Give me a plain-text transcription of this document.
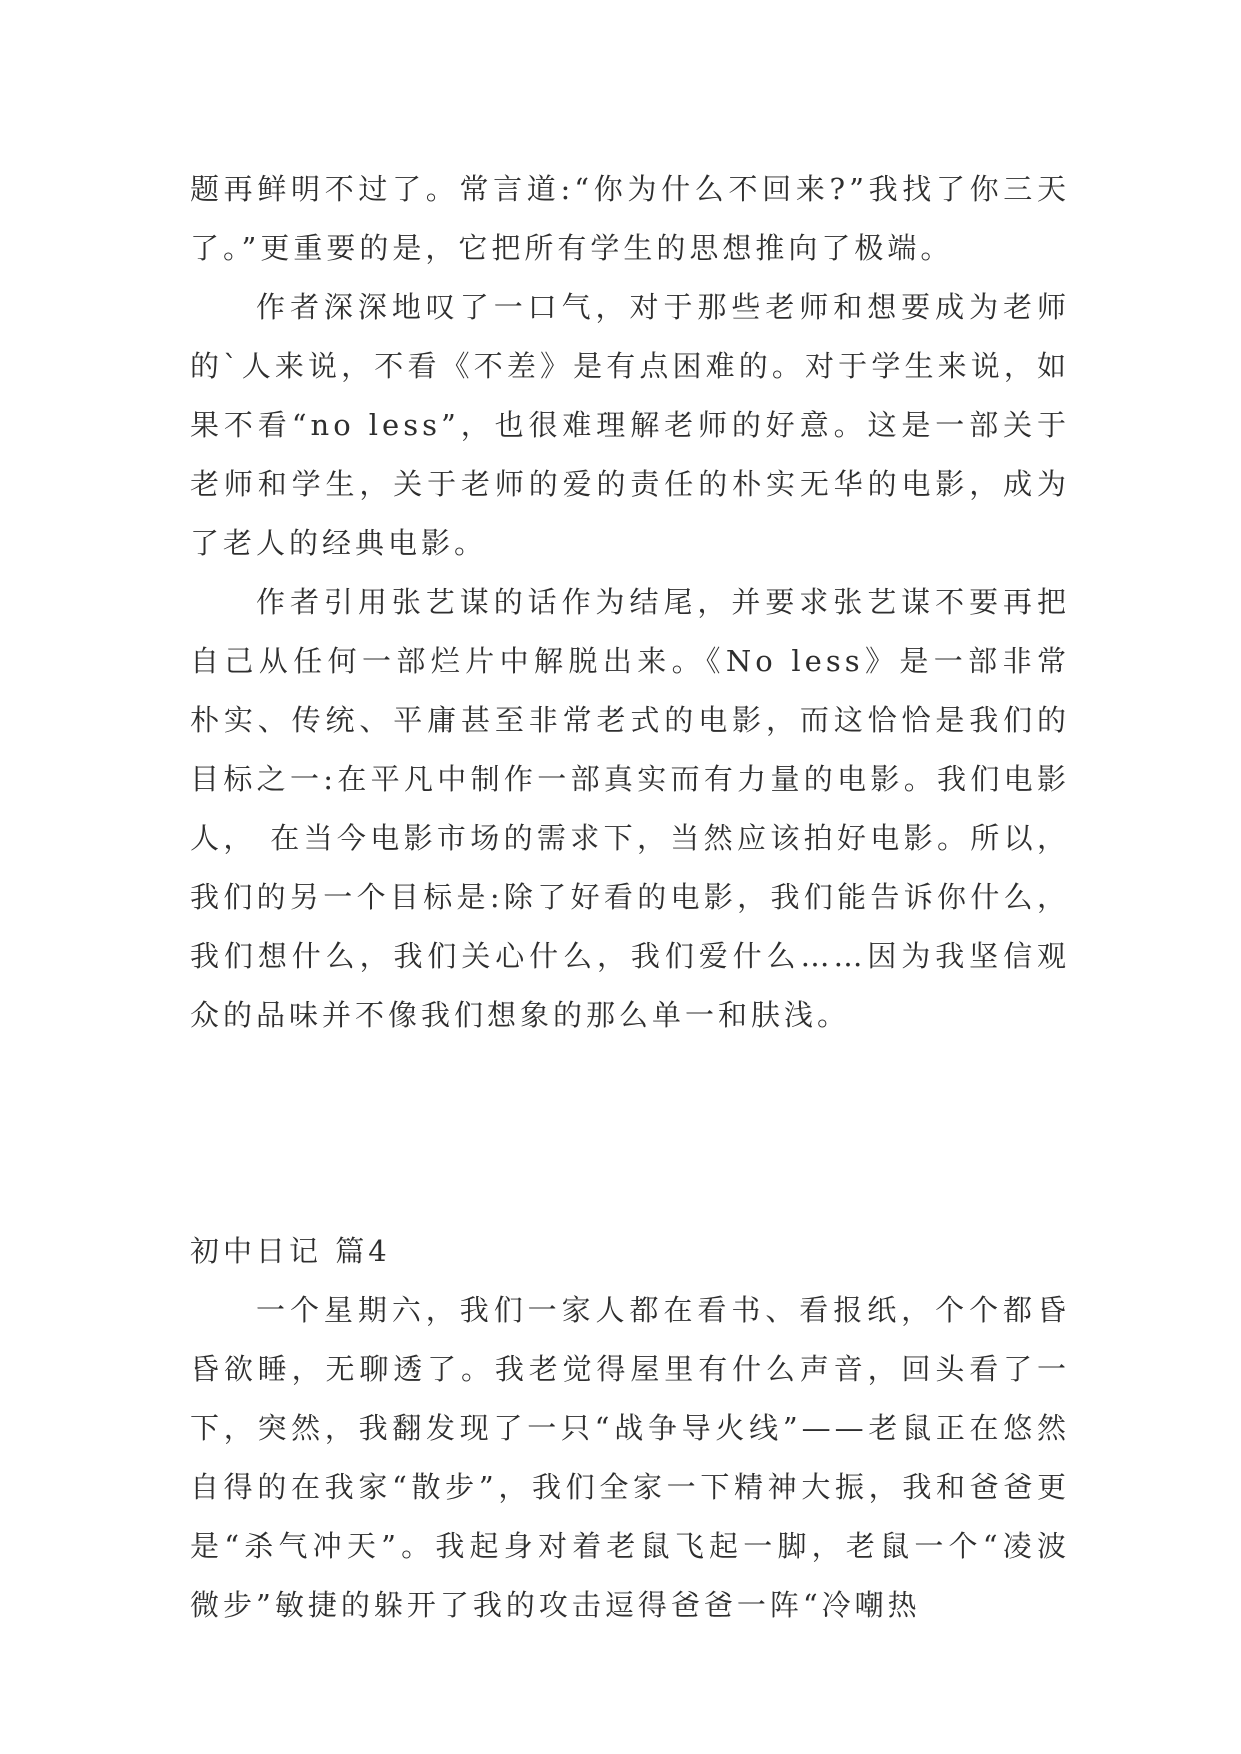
题再鲜明不过了。常言道:“你为什么不回来?”我找了你三天了。”更重要的是，它把所有学生的思想推向了极端。

作者深深地叹了一口气，对于那些老师和想要成为老师的`人来说，不看《不差》是有点困难的。对于学生来说，如果不看“no less”，也很难理解老师的好意。这是一部关于老师和学生，关于老师的爱的责任的朴实无华的电影，成为了老人的经典电影。

作者引用张艺谋的话作为结尾，并要求张艺谋不要再把自己从任何一部烂片中解脱出来。《No less》是一部非常朴实、传统、平庸甚至非常老式的电影，而这恰恰是我们的目标之一:在平凡中制作一部真实而有力量的电影。我们电影人， 在当今电影市场的需求下，当然应该拍好电影。所以，我们的另一个目标是:除了好看的电影，我们能告诉你什么，我们想什么，我们关心什么，我们爱什么……因为我坚信观众的品味并不像我们想象的那么单一和肤浅。

初中日记 篇4

一个星期六，我们一家人都在看书、看报纸，个个都昏昏欲睡，无聊透了。我老觉得屋里有什么声音，回头看了一下，突然，我翻发现了一只“战争导火线”——老鼠正在悠然自得的在我家“散步”，我们全家一下精神大振，我和爸爸更是“杀气冲天”。我起身对着老鼠飞起一脚，老鼠一个“凌波微步”敏捷的躲开了我的攻击逗得爸爸一阵“冷嘲热
